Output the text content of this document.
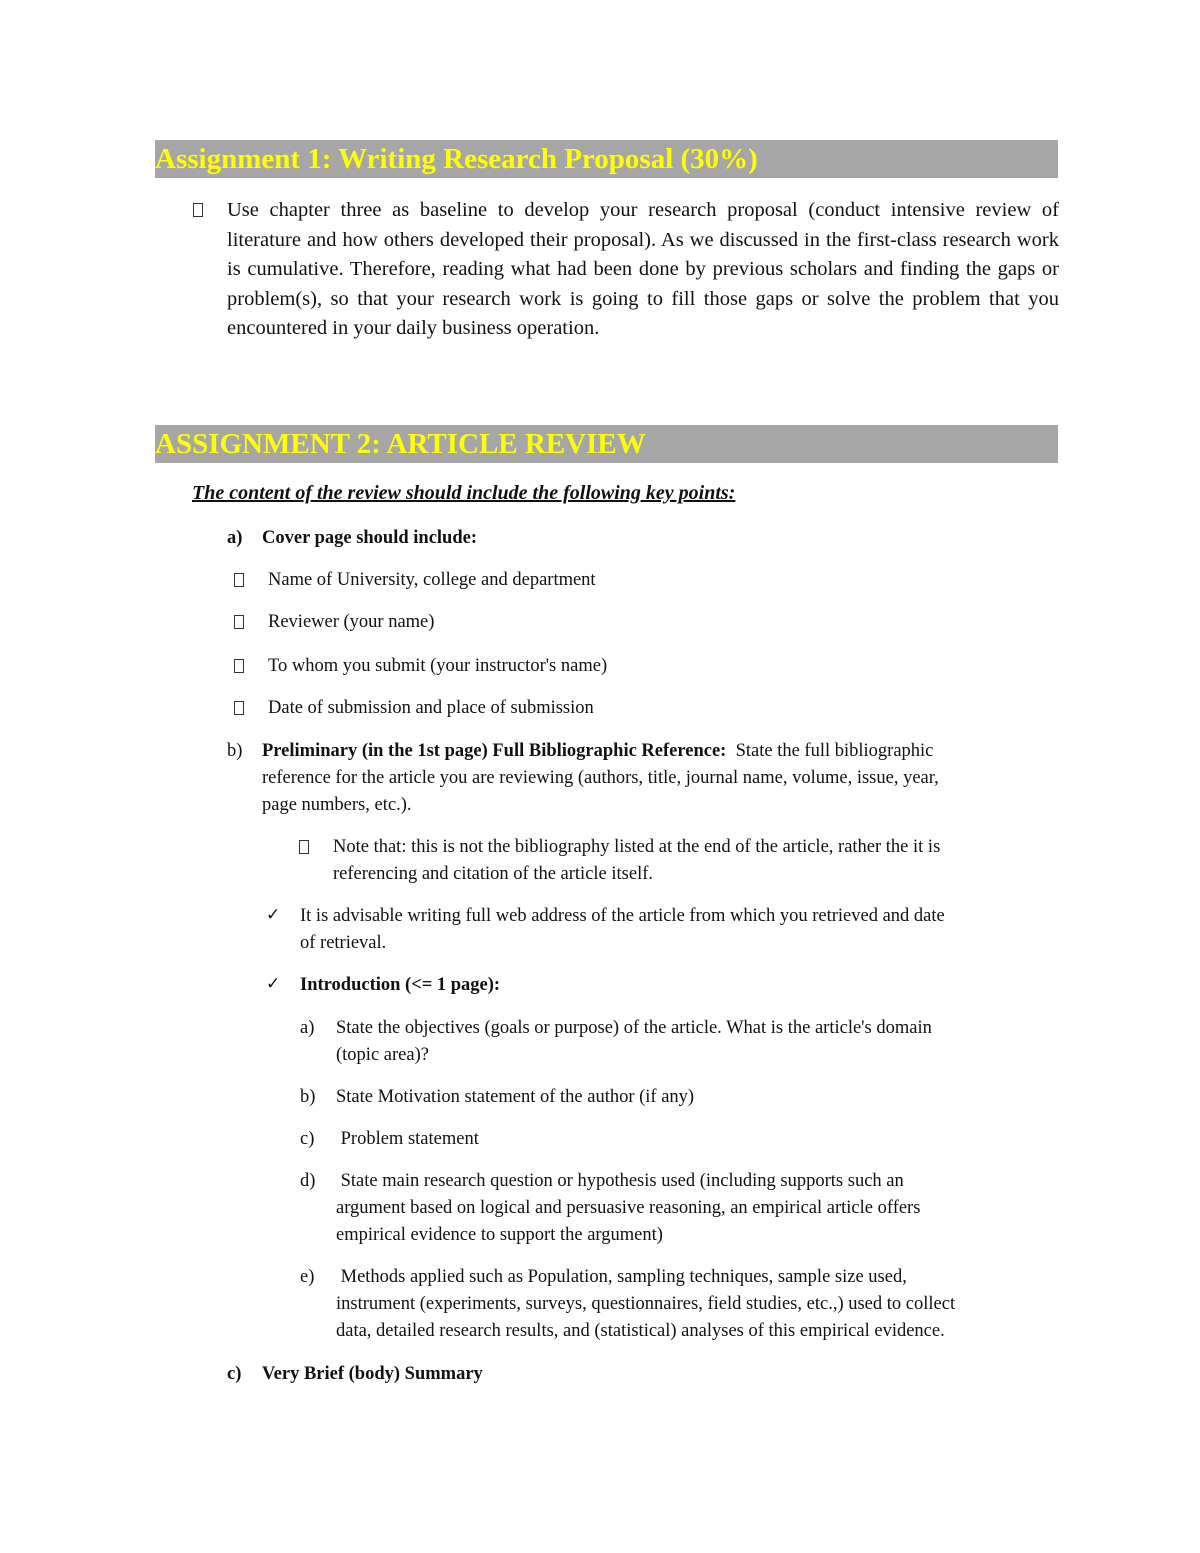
Assignment 1: Writing Research Proposal (30%)
Use chapter three as baseline to develop your research proposal (conduct intensive review of literature and how others developed their proposal). As we discussed in the first-class research work is cumulative. Therefore, reading what had been done by previous scholars and finding the gaps or problem(s), so that your research work is going to fill those gaps or solve the problem that you encountered in your daily business operation.
ASSIGNMENT 2: ARTICLE REVIEW
The content of the review should include the following key points:
a) Cover page should include:
Name of University, college and department
Reviewer (your name)
To whom you submit (your instructor's name)
Date of submission and place of submission
b) Preliminary (in the 1st page) Full Bibliographic Reference: State the full bibliographic
reference for the article you are reviewing (authors, title, journal name, volume, issue, year,
page numbers, etc.).
Note that: this is not the bibliography listed at the end of the article, rather the it is
referencing and citation of the article itself.
✓ It is advisable writing full web address of the article from which you retrieved and date
of retrieval.
✓ Introduction (<= 1 page):
a) State the objectives (goals or purpose) of the article. What is the article's domain
(topic area)?
b) State Motivation statement of the author (if any)
c) Problem statement
d) State main research question or hypothesis used (including supports such an
argument based on logical and persuasive reasoning, an empirical article offers
empirical evidence to support the argument)
e) Methods applied such as Population, sampling techniques, sample size used,
instrument (experiments, surveys, questionnaires, field studies, etc.,) used to collect
data, detailed research results, and (statistical) analyses of this empirical evidence.
c) Very Brief (body) Summary
